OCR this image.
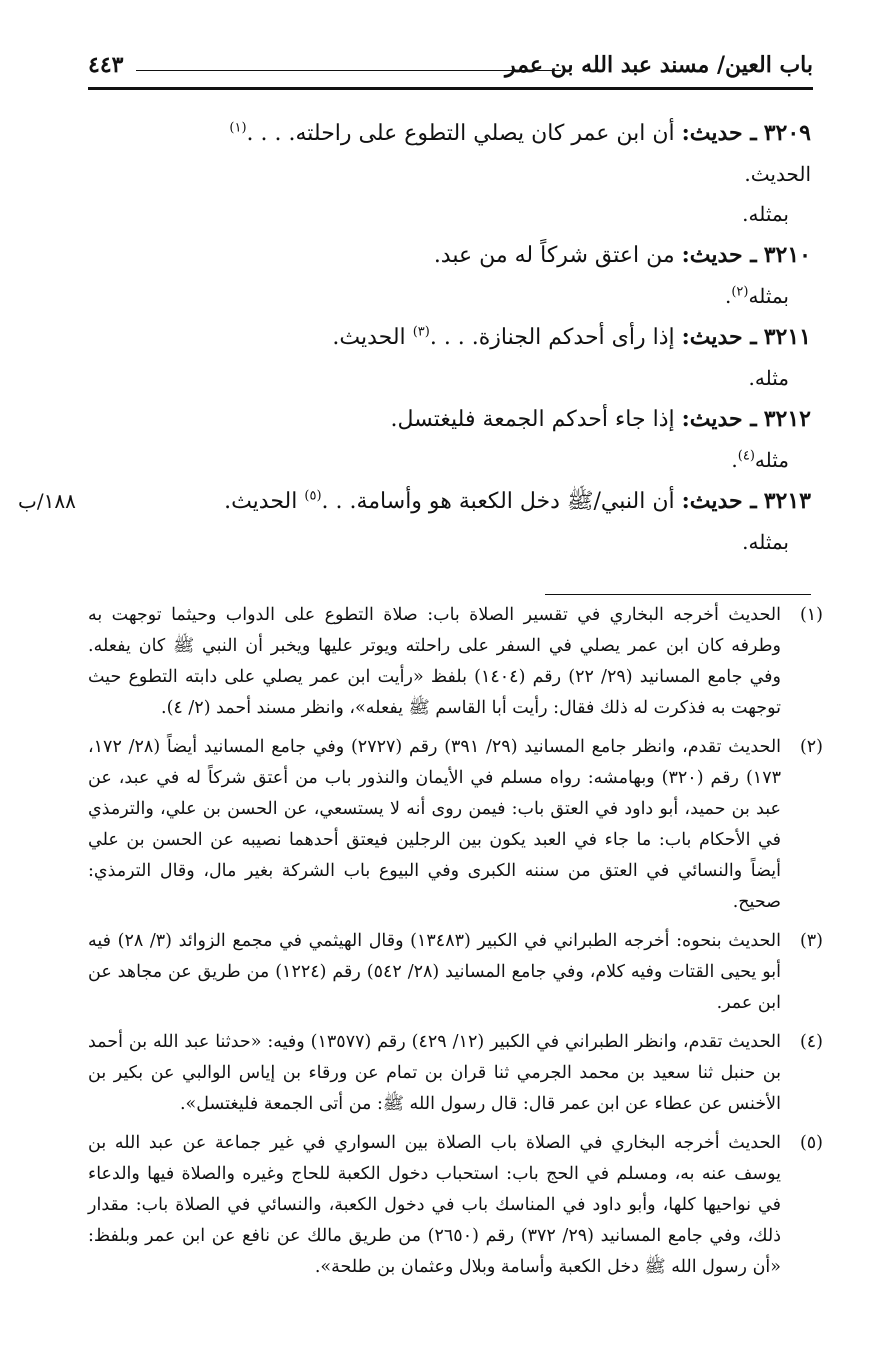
باب العين/ مسند عبد الله بن عمر
٤٤٣
٣٢٠٩ ـ حديث: أن ابن عمر كان يصلي التطوع على راحلته. . . .$^{(١)}$
الحديث.
بمثله.
٣٢١٠ ـ حديث: من اعتق شركاً له من عبد.
بمثله$^{(٢)}$.
٣٢١١ ـ حديث: إذا رأى أحدكم الجنازة. . . .$^{(٣)}$ الحديث.
مثله.
٣٢١٢ ـ حديث: إذا جاء أحدكم الجمعة فليغتسل.
مثله$^{(٤)}$.
٣٢١٣ ـ حديث: أن النبي/ﷺ دخل الكعبة هو وأسامة. . .$^{(٥)}$ الحديث.
١٨٨/ب
بمثله.
(١)
الحديث أخرجه البخاري في تقسير الصلاة باب: صلاة التطوع على الدواب وحيثما توجهت به وطرفه كان ابن عمر يصلي في السفر على راحلته ويوتر عليها ويخبر أن النبي ﷺ كان يفعله. وفي جامع المسانيد (٢٩/ ٢٢) رقم (١٤٠٤) بلفظ «رأيت ابن عمر يصلي على دابته التطوع حيث توجهت به فذكرت له ذلك فقال: رأيت أبا القاسم ﷺ يفعله»، وانظر مسند أحمد (٢/ ٤).
(٢)
الحديث تقدم، وانظر جامع المسانيد (٢٩/ ٣٩١) رقم (٢٧٢٧) وفي جامع المسانيد أيضاً (٢٨/ ١٧٢، ١٧٣) رقم (٣٢٠) وبهامشه: رواه مسلم في الأيمان والنذور باب من أعتق شركاً له في عبد، عن عبد بن حميد، أبو داود في العتق باب: فيمن روى أنه لا يستسعي، عن الحسن بن علي، والترمذي في الأحكام باب: ما جاء في العبد يكون بين الرجلين فيعتق أحدهما نصيبه عن الحسن بن علي أيضاً والنسائي في العتق من سننه الكبرى وفي البيوع باب الشركة بغير مال، وقال الترمذي: صحيح.
(٣)
الحديث بنحوه: أخرجه الطبراني في الكبير (١٣٤٨٣) وقال الهيثمي في مجمع الزوائد (٣/ ٢٨) فيه أبو يحيى القتات وفيه كلام، وفي جامع المسانيد (٢٨/ ٥٤٢) رقم (١٢٢٤) من طريق عن مجاهد عن ابن عمر.
(٤)
الحديث تقدم، وانظر الطبراني في الكبير (١٢/ ٤٢٩) رقم (١٣٥٧٧) وفيه: «حدثنا عبد الله بن أحمد بن حنبل ثنا سعيد بن محمد الجرمي ثنا قران بن تمام عن ورقاء بن إياس الوالبي عن بكير بن الأخنس عن عطاء عن ابن عمر قال: قال رسول الله ﷺ: من أتى الجمعة فليغتسل».
(٥)
الحديث أخرجه البخاري في الصلاة باب الصلاة بين السواري في غير جماعة عن عبد الله بن يوسف عنه به، ومسلم في الحج باب: استحباب دخول الكعبة للحاج وغيره والصلاة فيها والدعاء في نواحيها كلها، وأبو داود في المناسك باب في دخول الكعبة، والنسائي في الصلاة باب: مقدار ذلك، وفي جامع المسانيد (٢٩/ ٣٧٢) رقم (٢٦٥٠) من طريق مالك عن نافع عن ابن عمر وبلفظ: «أن رسول الله ﷺ دخل الكعبة وأسامة وبلال وعثمان بن طلحة».
